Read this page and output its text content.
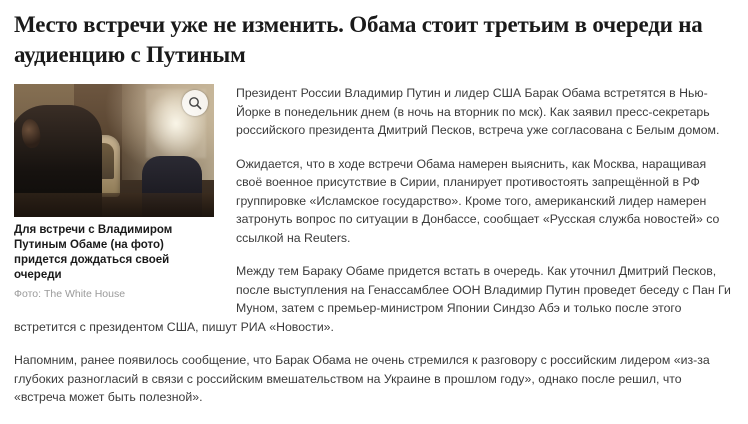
Место встречи уже не изменить. Обама стоит третьим в очереди на аудиенцию с Путиным
Для встречи с Владимиром Путиным Обаме (на фото) придется дождаться своей очереди
Фото: The White House

Президент России Владимир Путин и лидер США Барак Обама встретятся в Нью-Йорке в понедельник днем (в ночь на вторник по мск). Как заявил пресс-секретарь российского президента Дмитрий Песков, встреча уже согласована с Белым домом.

Ожидается, что в ходе встречи Обама намерен выяснить, как Москва, наращивая своё военное присутствие в Сирии, планирует противостоять запрещённой в РФ группировке «Исламское государство». Кроме того, американский лидер намерен затронуть вопрос по ситуации в Донбассе, сообщает «Русская служба новостей» со ссылкой на Reuters.

Между тем Бараку Обаме придется встать в очередь. Как уточнил Дмитрий Песков, после выступления на Генассамблее ООН Владимир Путин проведет беседу с Пан Ги Муном, затем с премьер-министром Японии Синдзо Абэ и только после этого встретится с президентом США, пишут РИА «Новости».

Напомним, ранее появилось сообщение, что Барак Обама не очень стремился к разговору с российским лидером «из-за глубоких разногласий в связи с российским вмешательством на Украине в прошлом году», однако после решил, что «встреча может быть полезной».
